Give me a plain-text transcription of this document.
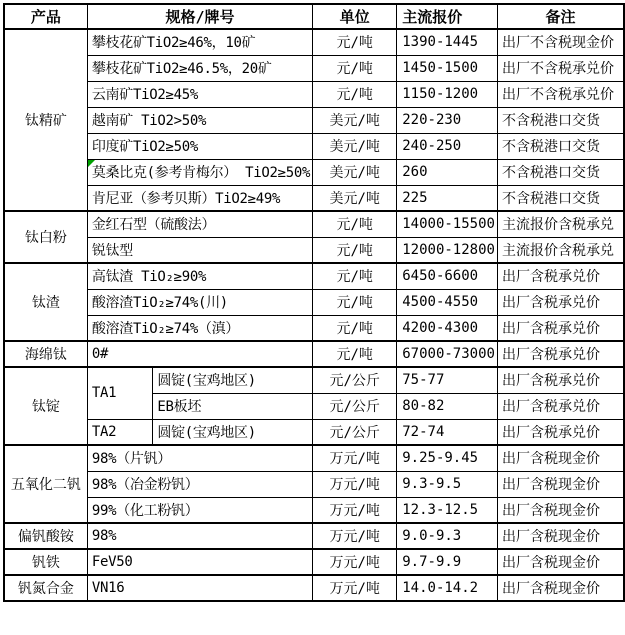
产品	规格/牌号		单位	主流报价	备注
钛精矿	攀枝花矿TiO2≥46%，10矿		元/吨	1390-1445	出厂不含税现金价
	攀枝花矿TiO2≥46.5%，20矿		元/吨	1450-1500	出厂不含税承兑价
	云南矿TiO2≥45%		元/吨	1150-1200	出厂不含税承兑价
	越南矿 TiO2>50%		美元/吨	220-230	不含税港口交货
	印度矿TiO2≥50%		美元/吨	240-250	不含税港口交货
	莫桑比克(参考肯梅尔） TiO2≥50%		美元/吨	260	不含税港口交货
	肯尼亚（参考贝斯）TiO2≥49%		美元/吨	225	不含税港口交货
钛白粉	金红石型（硫酸法）		元/吨	14000-15500	主流报价含税承兑
	锐钛型		元/吨	12000-12800	主流报价含税承兑
钛渣	高钛渣 TiO₂≥90%		元/吨	6450-6600	出厂含税承兑价
	酸溶渣TiO₂≥74%(川)		元/吨	4500-4550	出厂含税承兑价
	酸溶渣TiO₂≥74%（滇）		元/吨	4200-4300	出厂含税承兑价
海绵钛	0#		元/吨	67000-73000	出厂含税承兑价
钛锭	TA1	圆锭(宝鸡地区)	元/公斤	75-77	出厂含税承兑价
		EB板坯	元/公斤	80-82	出厂含税承兑价
	TA2	圆锭(宝鸡地区)	元/公斤	72-74	出厂含税承兑价
五氧化二钒	98%（片钒）		万元/吨	9.25-9.45	出厂含税现金价
	98%（冶金粉钒）		万元/吨	9.3-9.5	出厂含税现金价
	99%（化工粉钒）		万元/吨	12.3-12.5	出厂含税现金价
偏钒酸铵	98%		万元/吨	9.0-9.3	出厂含税现金价
钒铁	FeV50		万元/吨	9.7-9.9	出厂含税现金价
钒氮合金	VN16		万元/吨	14.0-14.2	出厂含税现金价
